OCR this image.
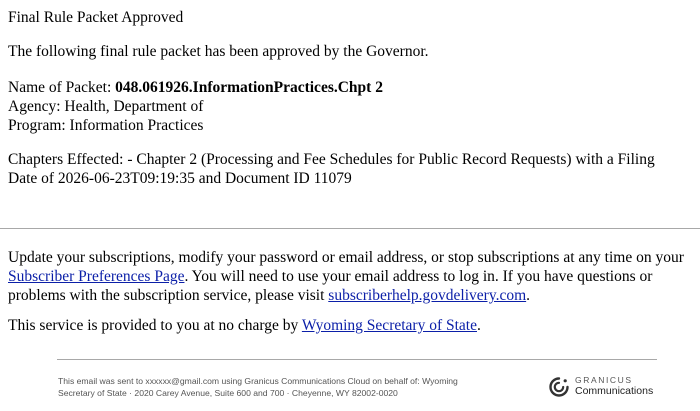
Final Rule Packet Approved
The following final rule packet has been approved by the Governor.
Name of Packet: 048.061926.InformationPractices.Chpt 2
Agency: Health, Department of
Program: Information Practices
Chapters Effected: - Chapter 2 (Processing and Fee Schedules for Public Record Requests) with a Filing
Date of 2026-06-23T09:19:35 and Document ID 11079
Update your subscriptions, modify your password or email address, or stop subscriptions at any time on your Subscriber Preferences Page. You will need to use your email address to log in. If you have questions or problems with the subscription service, please visit subscriberhelp.govdelivery.com.
This service is provided to you at no charge by Wyoming Secretary of State.
This email was sent to xxxxxx@gmail.com using Granicus Communications Cloud on behalf of: Wyoming
Secretary of State · 2020 Carey Avenue, Suite 600 and 700 · Cheyenne, WY 82002-0020
GRANICUS
Communications
